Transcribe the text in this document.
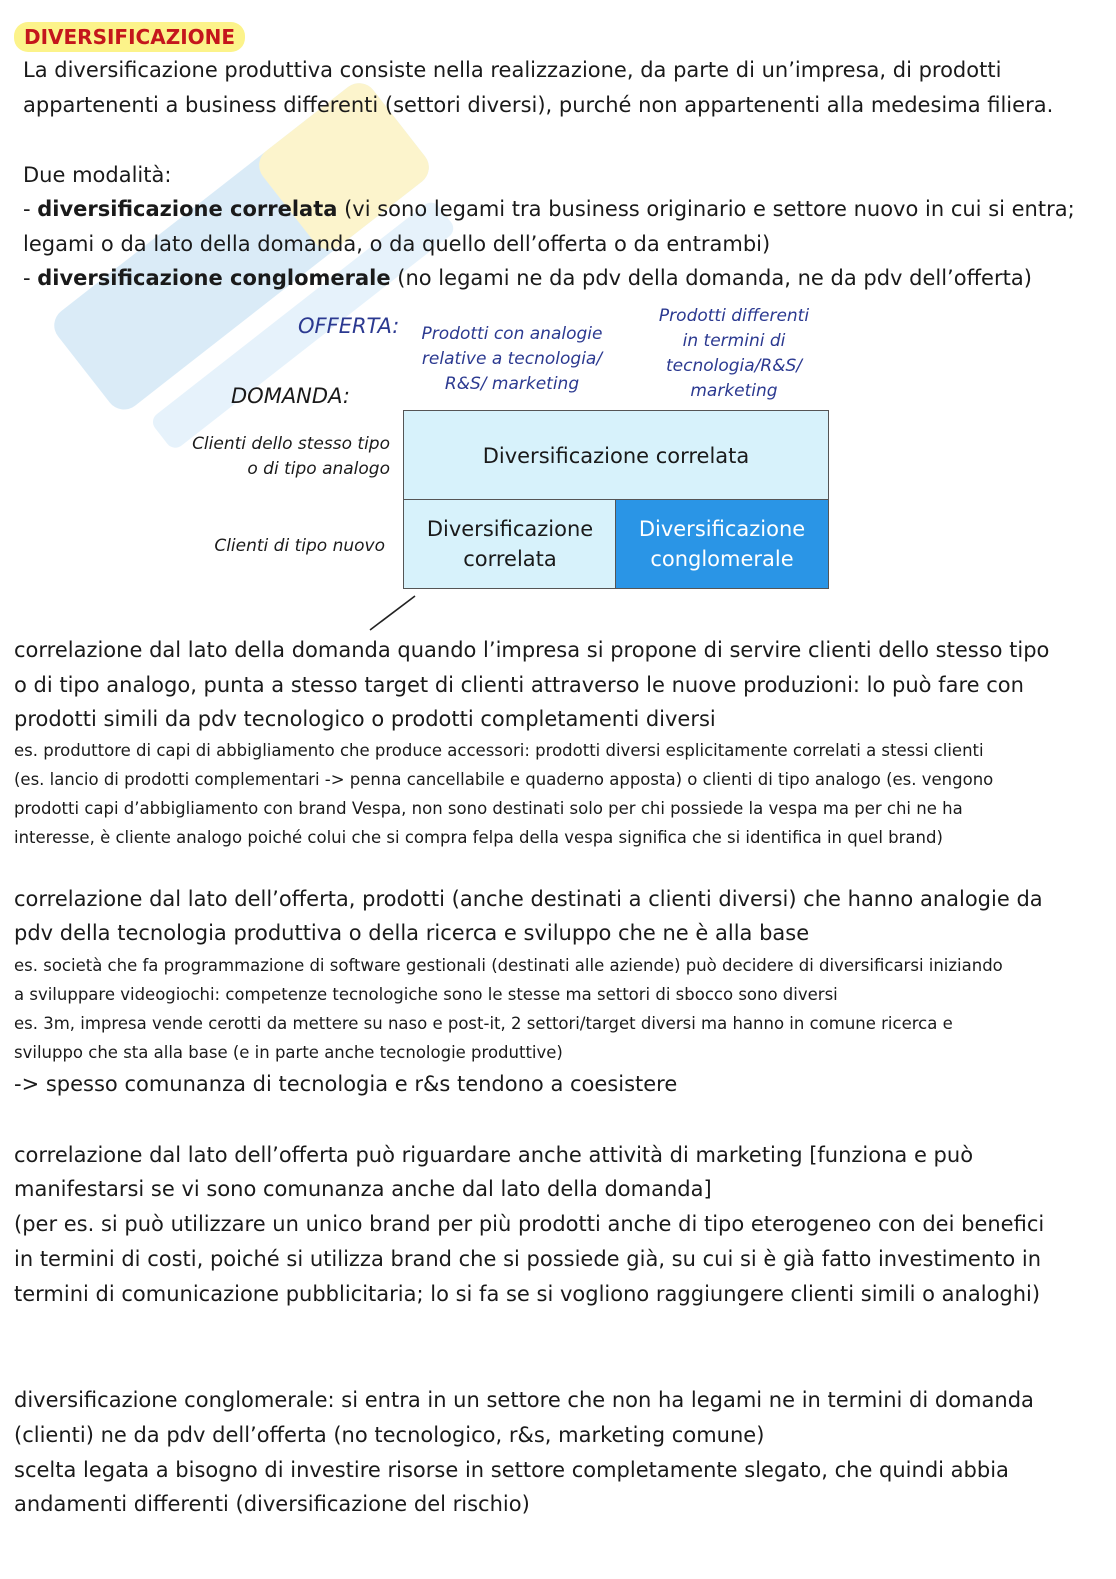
DIVERSIFICAZIONE

La diversificazione produttiva consiste nella realizzazione, da parte di un’impresa, di prodotti

appartenenti a business differenti (settori diversi), purché non appartenenti alla medesima filiera.

Due modalità:

- diversificazione correlata (vi sono legami tra business originario e settore nuovo in cui si entra;

legami o da lato della domanda, o da quello dell’offerta o da entrambi)

- diversificazione conglomerale (no legami ne da pdv della domanda, ne da pdv dell’offerta)

OFFERTA:
DOMANDA:
Prodotti con analogie
relative a tecnologia/
R&S/ marketing
Prodotti differenti
in termini di
tecnologia/R&S/
marketing
Clienti dello stesso tipo
o di tipo analogo
Clienti di tipo nuovo
Diversificazione correlata
Diversificazione
correlata
Diversificazione
conglomerale

correlazione dal lato della domanda quando l’impresa si propone di servire clienti dello stesso tipo

o di tipo analogo, punta a stesso target di clienti attraverso le nuove produzioni: lo può fare con

prodotti simili da pdv tecnologico o prodotti completamenti diversi

es. produttore di capi di abbigliamento che produce accessori: prodotti diversi esplicitamente correlati a stessi clienti

(es. lancio di prodotti complementari -> penna cancellabile e quaderno apposta) o clienti di tipo analogo (es. vengono

prodotti capi d’abbigliamento con brand Vespa, non sono destinati solo per chi possiede la vespa ma per chi ne ha

interesse, è cliente analogo poiché colui che si compra felpa della vespa significa che si identifica in quel brand)

correlazione dal lato dell’offerta, prodotti (anche destinati a clienti diversi) che hanno analogie da

pdv della tecnologia produttiva o della ricerca e sviluppo che ne è alla base

es. società che fa programmazione di software gestionali (destinati alle aziende) può decidere di diversificarsi iniziando

a sviluppare videogiochi: competenze tecnologiche sono le stesse ma settori di sbocco sono diversi

es. 3m, impresa vende cerotti da mettere su naso e post-it, 2 settori/target diversi ma hanno in comune ricerca e

sviluppo che sta alla base (e in parte anche tecnologie produttive)

-> spesso comunanza di tecnologia e r&s tendono a coesistere

correlazione dal lato dell’offerta può riguardare anche attività di marketing [funziona e può

manifestarsi se vi sono comunanza anche dal lato della domanda]

(per es. si può utilizzare un unico brand per più prodotti anche di tipo eterogeneo con dei benefici

in termini di costi, poiché si utilizza brand che si possiede già, su cui si è già fatto investimento in

termini di comunicazione pubblicitaria; lo si fa se si vogliono raggiungere clienti simili o analoghi)

diversificazione conglomerale: si entra in un settore che non ha legami ne in termini di domanda

(clienti) ne da pdv dell’offerta (no tecnologico, r&s, marketing comune)

scelta legata a bisogno di investire risorse in settore completamente slegato, che quindi abbia

andamenti differenti (diversificazione del rischio)
